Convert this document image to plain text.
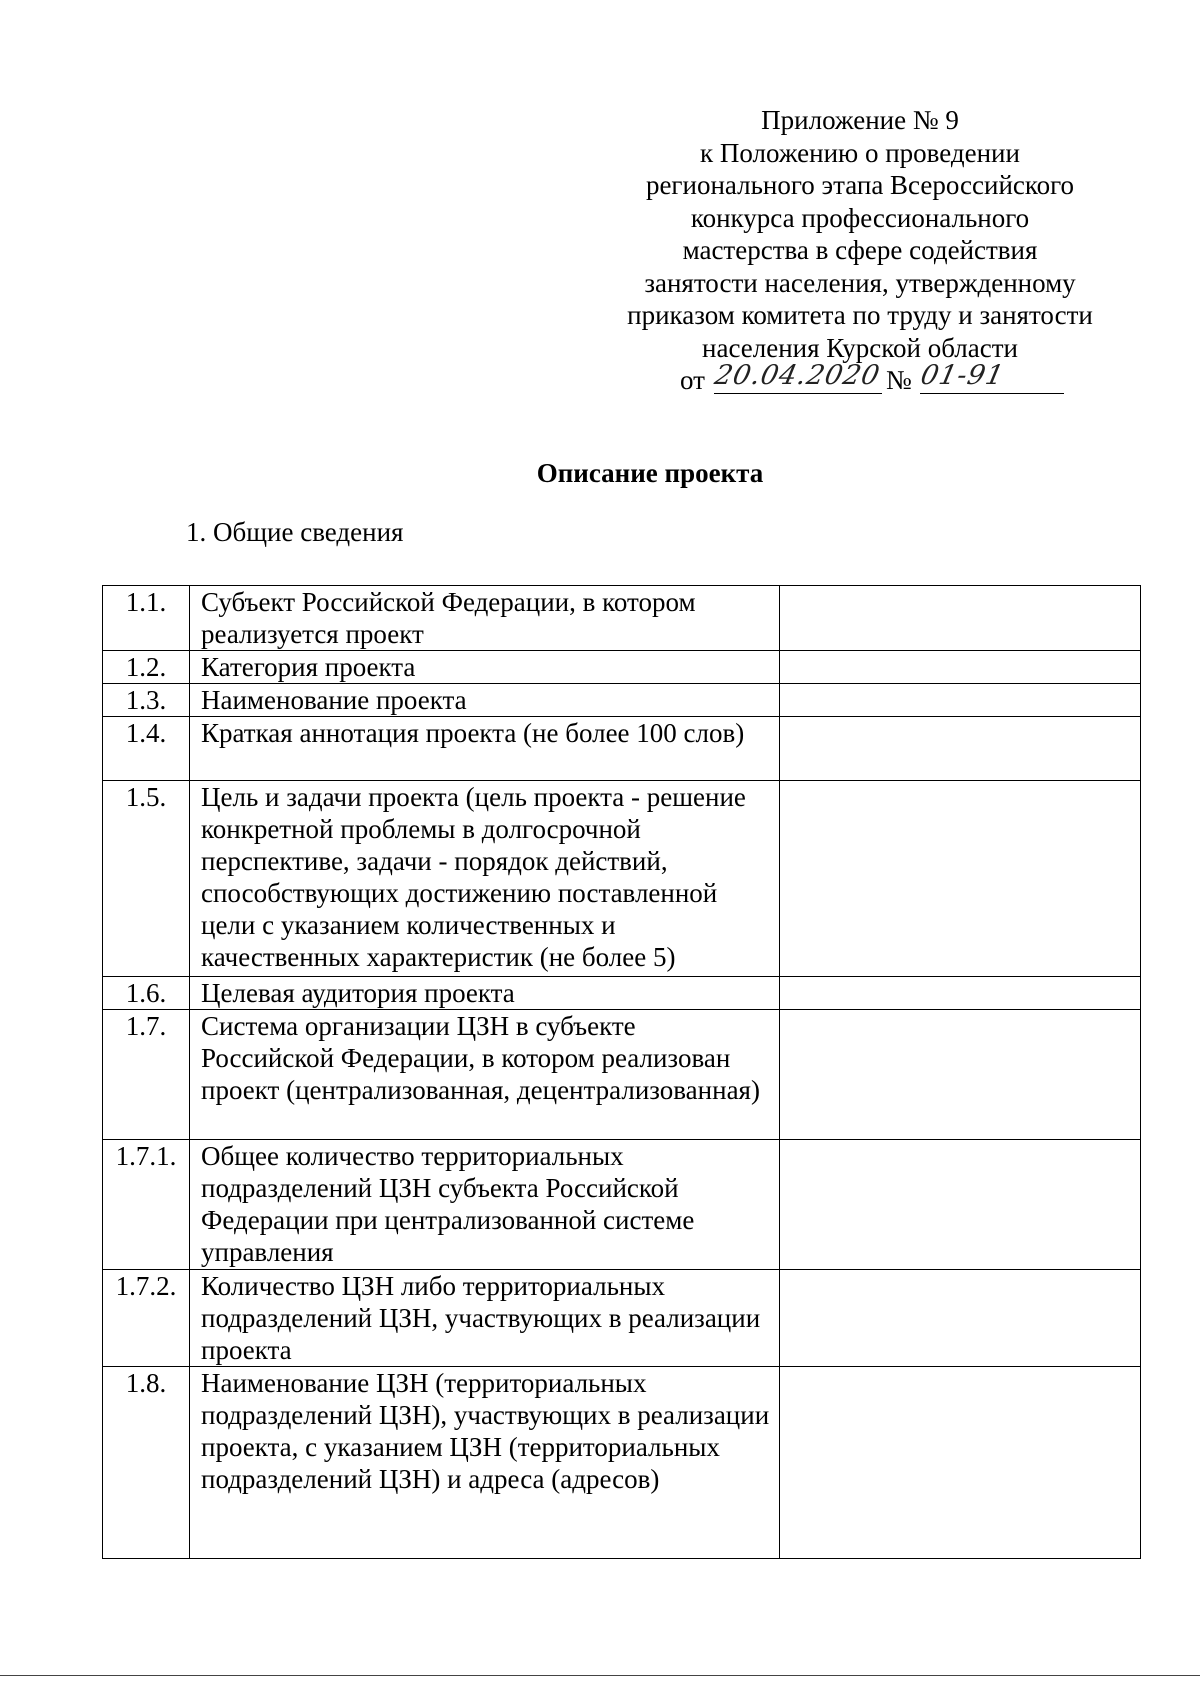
Приложение № 9
к Положению о проведении
регионального этапа Всероссийского
конкурса профессионального
мастерства в сфере содействия
занятости населения, утвержденному
приказом комитета по труду и занятости
населения Курской области
от 20.04.2020 № 01-91
Описание проекта
1. Общие сведения
1.1.	Субъект Российской Федерации, в котором реализуется проект	
1.2.	Категория проекта	
1.3.	Наименование проекта	
1.4.	Краткая аннотация проекта (не более 100 слов)	
1.5.	Цель и задачи проекта (цель проекта - решение конкретной проблемы в долгосрочной перспективе, задачи - порядок действий, способствующих достижению поставленной цели с указанием количественных и качественных характеристик (не более 5)	
1.6.	Целевая аудитория проекта	
1.7.	Система организации ЦЗН в субъекте Российской Федерации, в котором реализован проект (централизованная, децентрализованная)	
1.7.1.	Общее количество территориальных подразделений ЦЗН субъекта Российской Федерации при централизованной системе управления	
1.7.2.	Количество ЦЗН либо территориальных подразделений ЦЗН, участвующих в реализации проекта	
1.8.	Наименование ЦЗН (территориальных подразделений ЦЗН), участвующих в реализации проекта, с указанием ЦЗН (территориальных подразделений ЦЗН) и адреса (адресов)	
